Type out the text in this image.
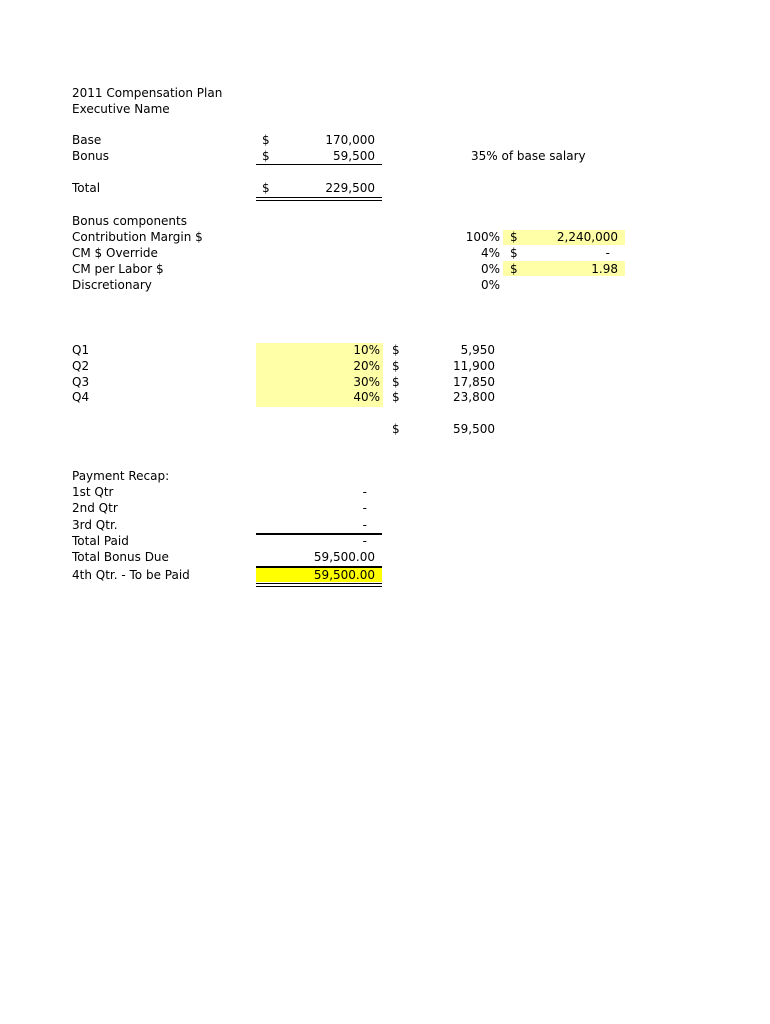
2011 Compensation Plan
Executive Name
Base	$	170,000
Bonus	$	59,500	35% of base salary
Total	$	229,500
Bonus components
Contribution Margin $	100% $	2,240,000
CM $ Override	4% $	-
CM per Labor $	0% $	1.98
Discretionary	0%
Q1	10% $	5,950
Q2	20% $	11,900
Q3	30% $	17,850
Q4	40% $	23,800
$	59,500
Payment Recap:
1st Qtr	-
2nd Qtr	-
3rd Qtr.	-
Total Paid	-
Total Bonus Due	59,500.00
4th Qtr. - To be Paid	59,500.00
